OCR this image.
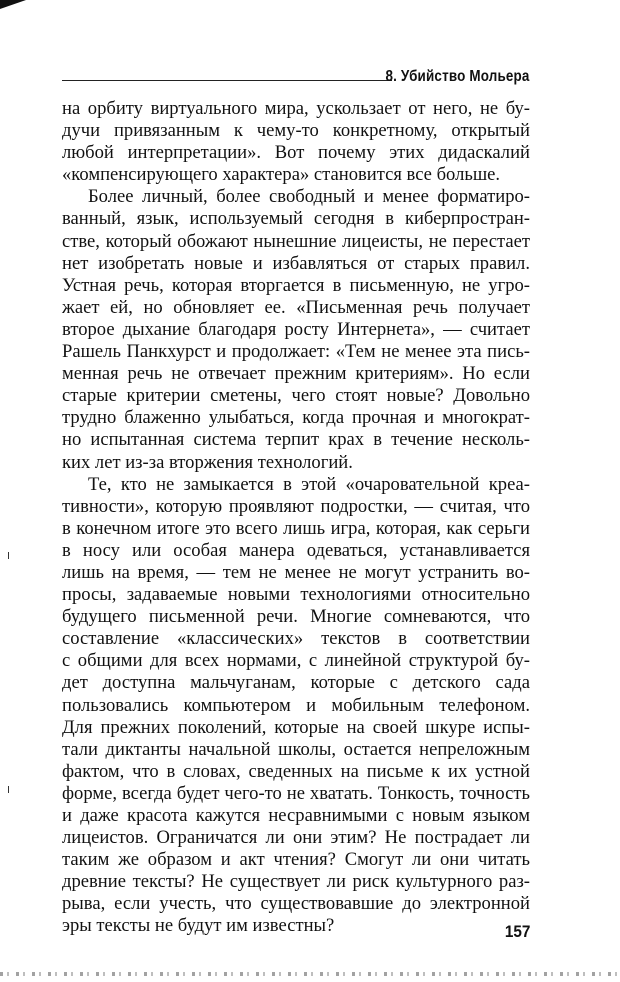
8. Убийство Мольера
на орбиту виртуального мира, ускользает от него, не бу-
дучи привязанным к чему-то конкретному, открытый
любой интерпретации». Вот почему этих дидаскалий
«компенсирующего характера» становится все больше.
Более личный, более свободный и менее форматиро-
ванный, язык, используемый сегодня в киберпростран-
стве, который обожают нынешние лицеисты, не перестает
нет изобретать новые и избавляться от старых правил.
Устная речь, которая вторгается в письменную, не угро-
жает ей, но обновляет ее. «Письменная речь получает
второе дыхание благодаря росту Интернета», — считает
Рашель Панкхурст и продолжает: «Тем не менее эта пись-
менная речь не отвечает прежним критериям». Но если
старые критерии сметены, чего стоят новые? Довольно
трудно блаженно улыбаться, когда прочная и многократ-
но испытанная система терпит крах в течение несколь-
ких лет из-за вторжения технологий.
Те, кто не замыкается в этой «очаровательной креа-
тивности», которую проявляют подростки, — считая, что
в конечном итоге это всего лишь игра, которая, как серьги
в носу или особая манера одеваться, устанавливается
лишь на время, — тем не менее не могут устранить во-
просы, задаваемые новыми технологиями относительно
будущего письменной речи. Многие сомневаются, что
составление «классических» текстов в соответствии
с общими для всех нормами, с линейной структурой бу-
дет доступна мальчуганам, которые с детского сада
пользовались компьютером и мобильным телефоном.
Для прежних поколений, которые на своей шкуре испы-
тали диктанты начальной школы, остается непреложным
фактом, что в словах, сведенных на письме к их устной
форме, всегда будет чего-то не хватать. Тонкость, точность
и даже красота кажутся несравнимыми с новым языком
лицеистов. Ограничатся ли они этим? Не пострадает ли
таким же образом и акт чтения? Смогут ли они читать
древние тексты? Не существует ли риск культурного раз-
рыва, если учесть, что существовавшие до электронной
эры тексты не будут им известны?	157
